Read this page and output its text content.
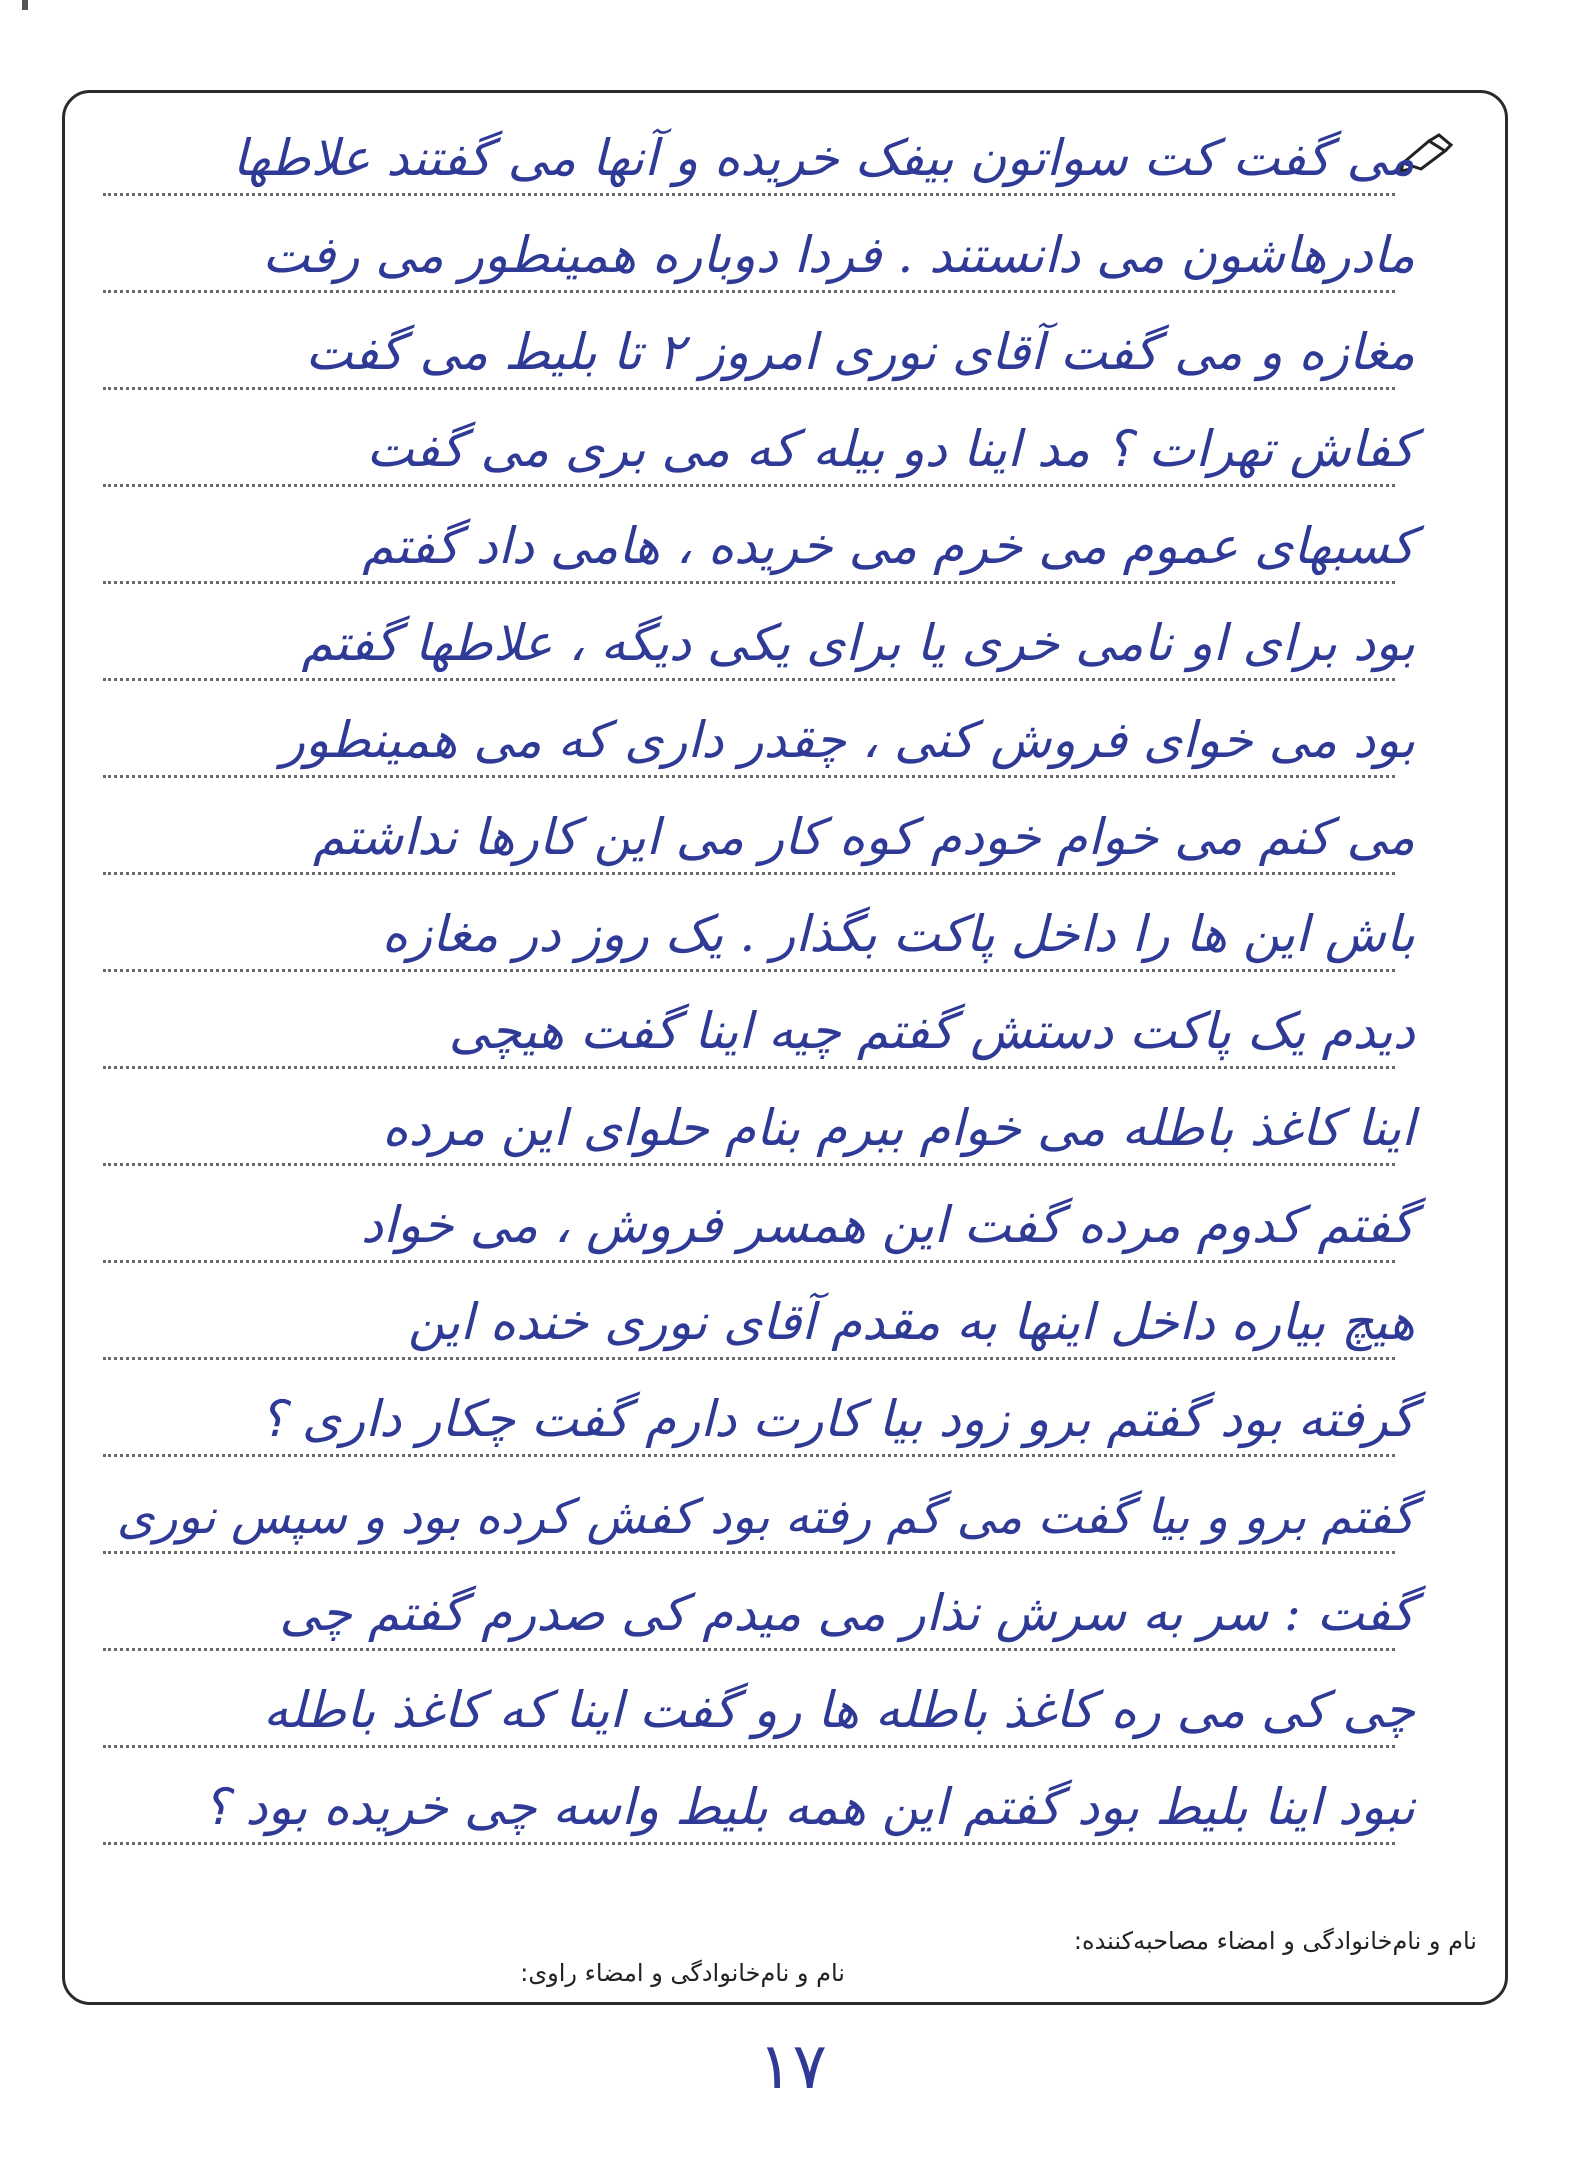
می گفت کت سواتون بیفک خریده و آنها می گفتند علاطها
مادرهاشون می دانستند . فردا دوباره همینطور می رفت
مغازه و می گفت آقای نوری امروز ۲ تا بلیط می گفت
کفاش تهرات ؟ مد اینا دو بیله که می بری می گفت
کسبهای عموم می خرم می خریده ، هامی داد گفتم
بود برای او نامی خری یا برای یکی دیگه ، علاطها گفتم
بود می خوای فروش کنی ، چقدر داری که می همینطور
می کنم می خوام خودم کوه کار می این کارها نداشتم
باش این ها را داخل پاکت بگذار . یک روز در مغازه
دیدم یک پاکت دستش گفتم چیه اینا گفت هیچی
اینا کاغذ باطله می خوام ببرم بنام حلوای این مرده
گفتم کدوم مرده گفت این همسر فروش ، می خواد
هیچ بیاره داخل اینها به مقدم آقای نوری خنده این
گرفته بود گفتم برو زود بیا کارت دارم گفت چکار داری ؟
گفتم برو و بیا گفت می گم رفته بود کفش کرده بود و سپس نوری
گفت : سر به سرش نذار می میدم کی صدرم گفتم چی
چی کی می ره کاغذ باطله ها رو گفت اینا که کاغذ باطله
نبود اینا بلیط بود گفتم این همه بلیط واسه چی خریده بود ؟
نام و نام‌خانوادگی و امضاء مصاحبه‌کننده:
نام و نام‌خانوادگی و امضاء راوی:
۱۷
